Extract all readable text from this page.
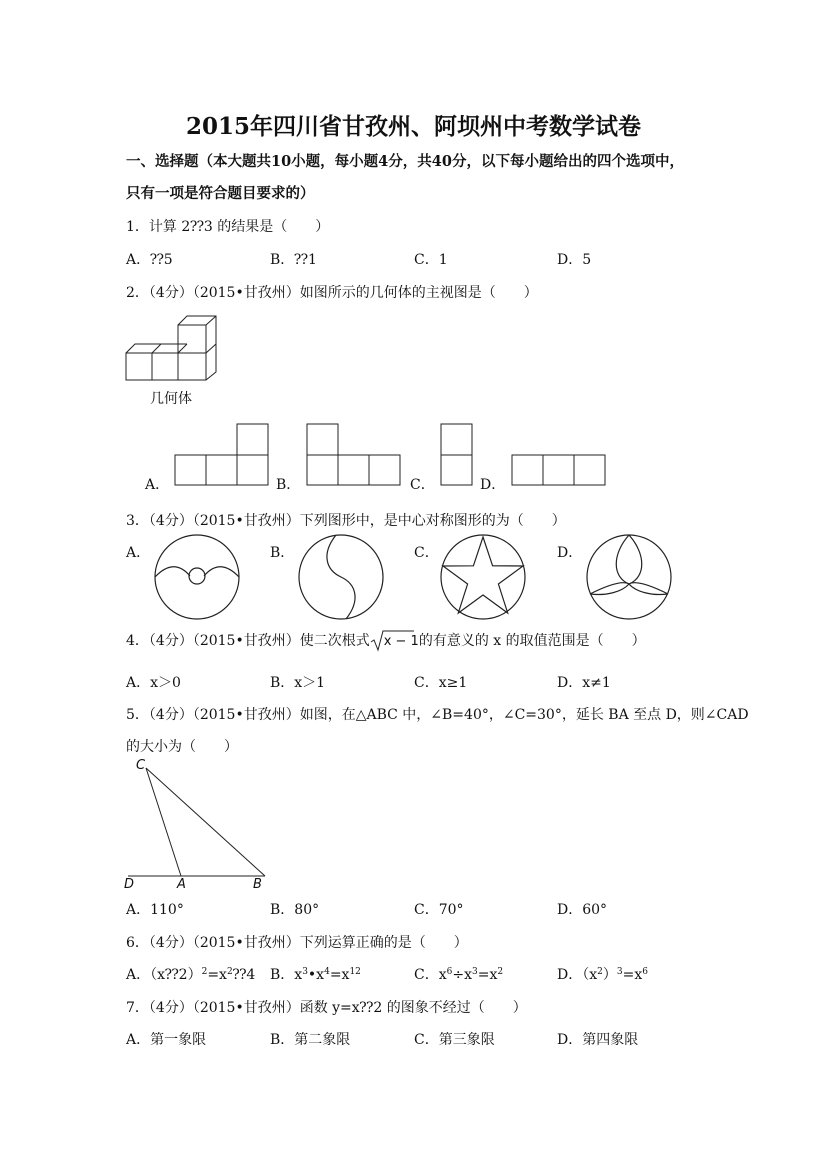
2015年四川省甘孜州、阿坝州中考数学试卷
一、选择题（本大题共10小题，每小题4分，共40分，以下每小题给出的四个选项中，
只有一项是符合题目要求的）
1．计算 2⁇3 的结果是（　　）
A．⁇5	B．⁇1	C．1	D．5
2．（4分）（2015•甘孜州）如图所示的几何体的主视图是（　　）
几何体
A．	B．	C．	D．
3．（4分）（2015•甘孜州）下列图形中，是中心对称图形的为（　　）
A．	B．	C．	D．
4．（4分）（2015•甘孜州）使二次根式 x − 1的有意义的 x 的取值范围是（　　）
A．x＞0	B．x＞1	C．x≥1	D．x≠1
5．（4分）（2015•甘孜州）如图，在△ABC 中，∠B=40°，∠C=30°，延长 BA 至点 D，则∠CAD
的大小为（　　）
C
D	A	B
A．110°	B．80°	C．70°	D．60°
6．（4分）（2015•甘孜州）下列运算正确的是（　　）
A．$(x⁇2)^2=x^2⁇4$ B．$x^3•x^4=x^{12}$	C．$x^6\div x^3=x^2$	D．$(x^2)^3=x^6$
7．（4分）（2015•甘孜州）函数 y=x⁇2 的图象不经过（　　）
A．第一象限	B．第二象限	C．第三象限	D．第四象限
